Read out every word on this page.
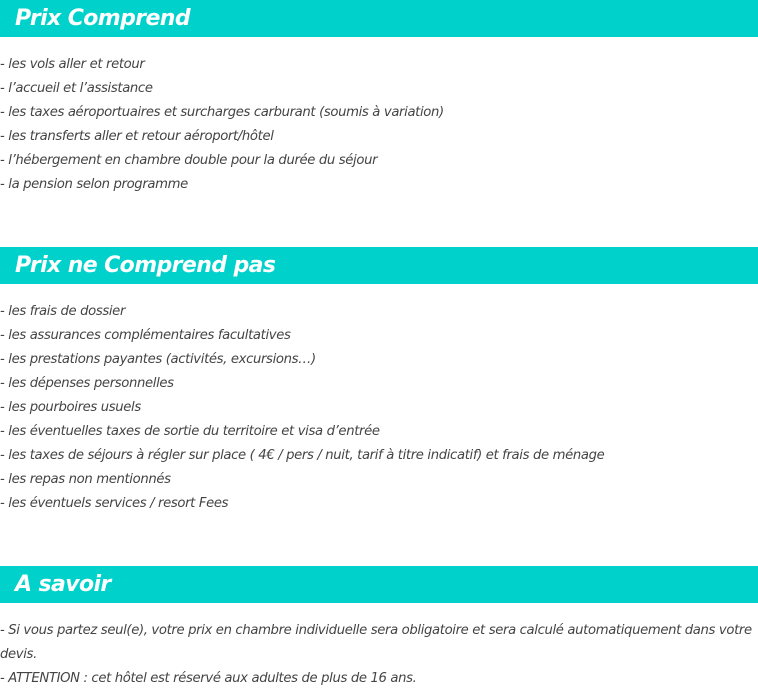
Prix Comprend
- les vols aller et retour
- l’accueil et l’assistance
- les taxes aéroportuaires et surcharges carburant (soumis à variation)
- les transferts aller et retour aéroport/hôtel
- l’hébergement en chambre double pour la durée du séjour
- la pension selon programme
Prix ne Comprend pas
- les frais de dossier
- les assurances complémentaires facultatives
- les prestations payantes (activités, excursions…)
- les dépenses personnelles
- les pourboires usuels
- les éventuelles taxes de sortie du territoire et visa d’entrée
- les taxes de séjours à régler sur place ( 4€ / pers / nuit, tarif à titre indicatif) et frais de ménage
- les repas non mentionnés
- les éventuels services / resort Fees
A savoir
- Si vous partez seul(e), votre prix en chambre individuelle sera obligatoire et sera calculé automatiquement dans votre devis.
- ATTENTION : cet hôtel est réservé aux adultes de plus de 16 ans.
